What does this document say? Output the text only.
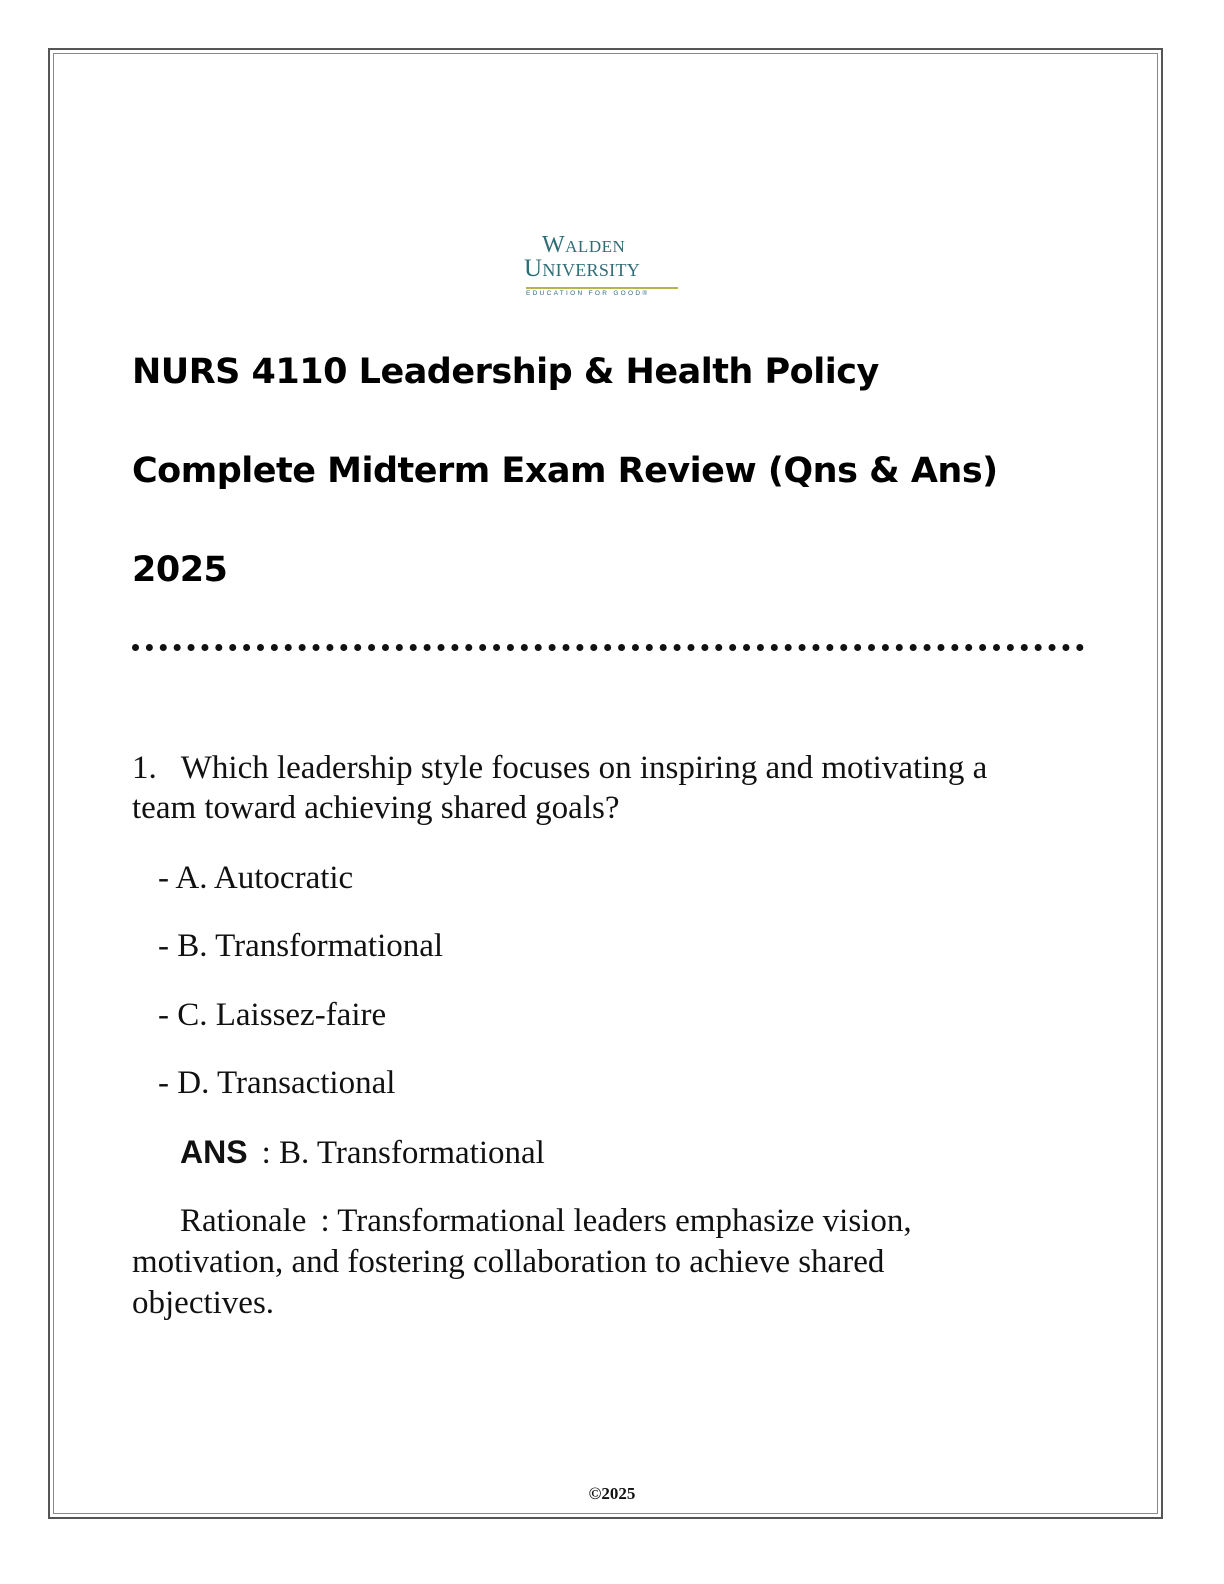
Walden
University
EDUCATION FOR GOOD®
NURS 4110 Leadership & Health Policy
Complete Midterm Exam Review (Qns & Ans)
2025
1. Which leadership style focuses on inspiring and motivating a
team toward achieving shared goals?
- A. Autocratic
- B. Transformational
- C. Laissez-faire
- D. Transactional
ANS : B. Transformational
Rationale : Transformational leaders emphasize vision,
motivation, and fostering collaboration to achieve shared
objectives.
©2025
